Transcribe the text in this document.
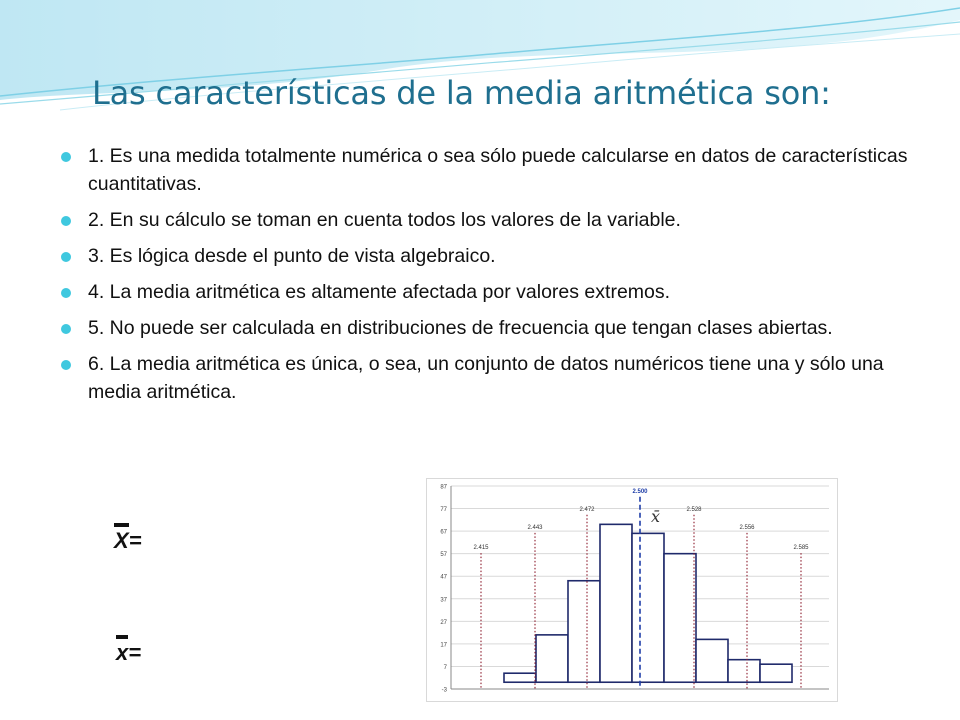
Las características de la media aritmética son:
1. Es una medida totalmente numérica o sea sólo puede calcularse en datos de características cuantitativas.
2. En su cálculo se toman en cuenta todos los valores de la variable.
3. Es lógica desde el punto de vista algebraico.
4. La media aritmética es altamente afectada por valores extremos.
5. No puede ser calculada en distribuciones de frecuencia que tengan clases abiertas.
6. La media aritmética es única, o sea, un conjunto de datos numéricos tiene una y sólo una media aritmética.
X=
x=
-3
7
17
27
37
47
57
67
77
87
2.415
2.443
2.472
2.500
2.528
2.556
2.585
x̄
